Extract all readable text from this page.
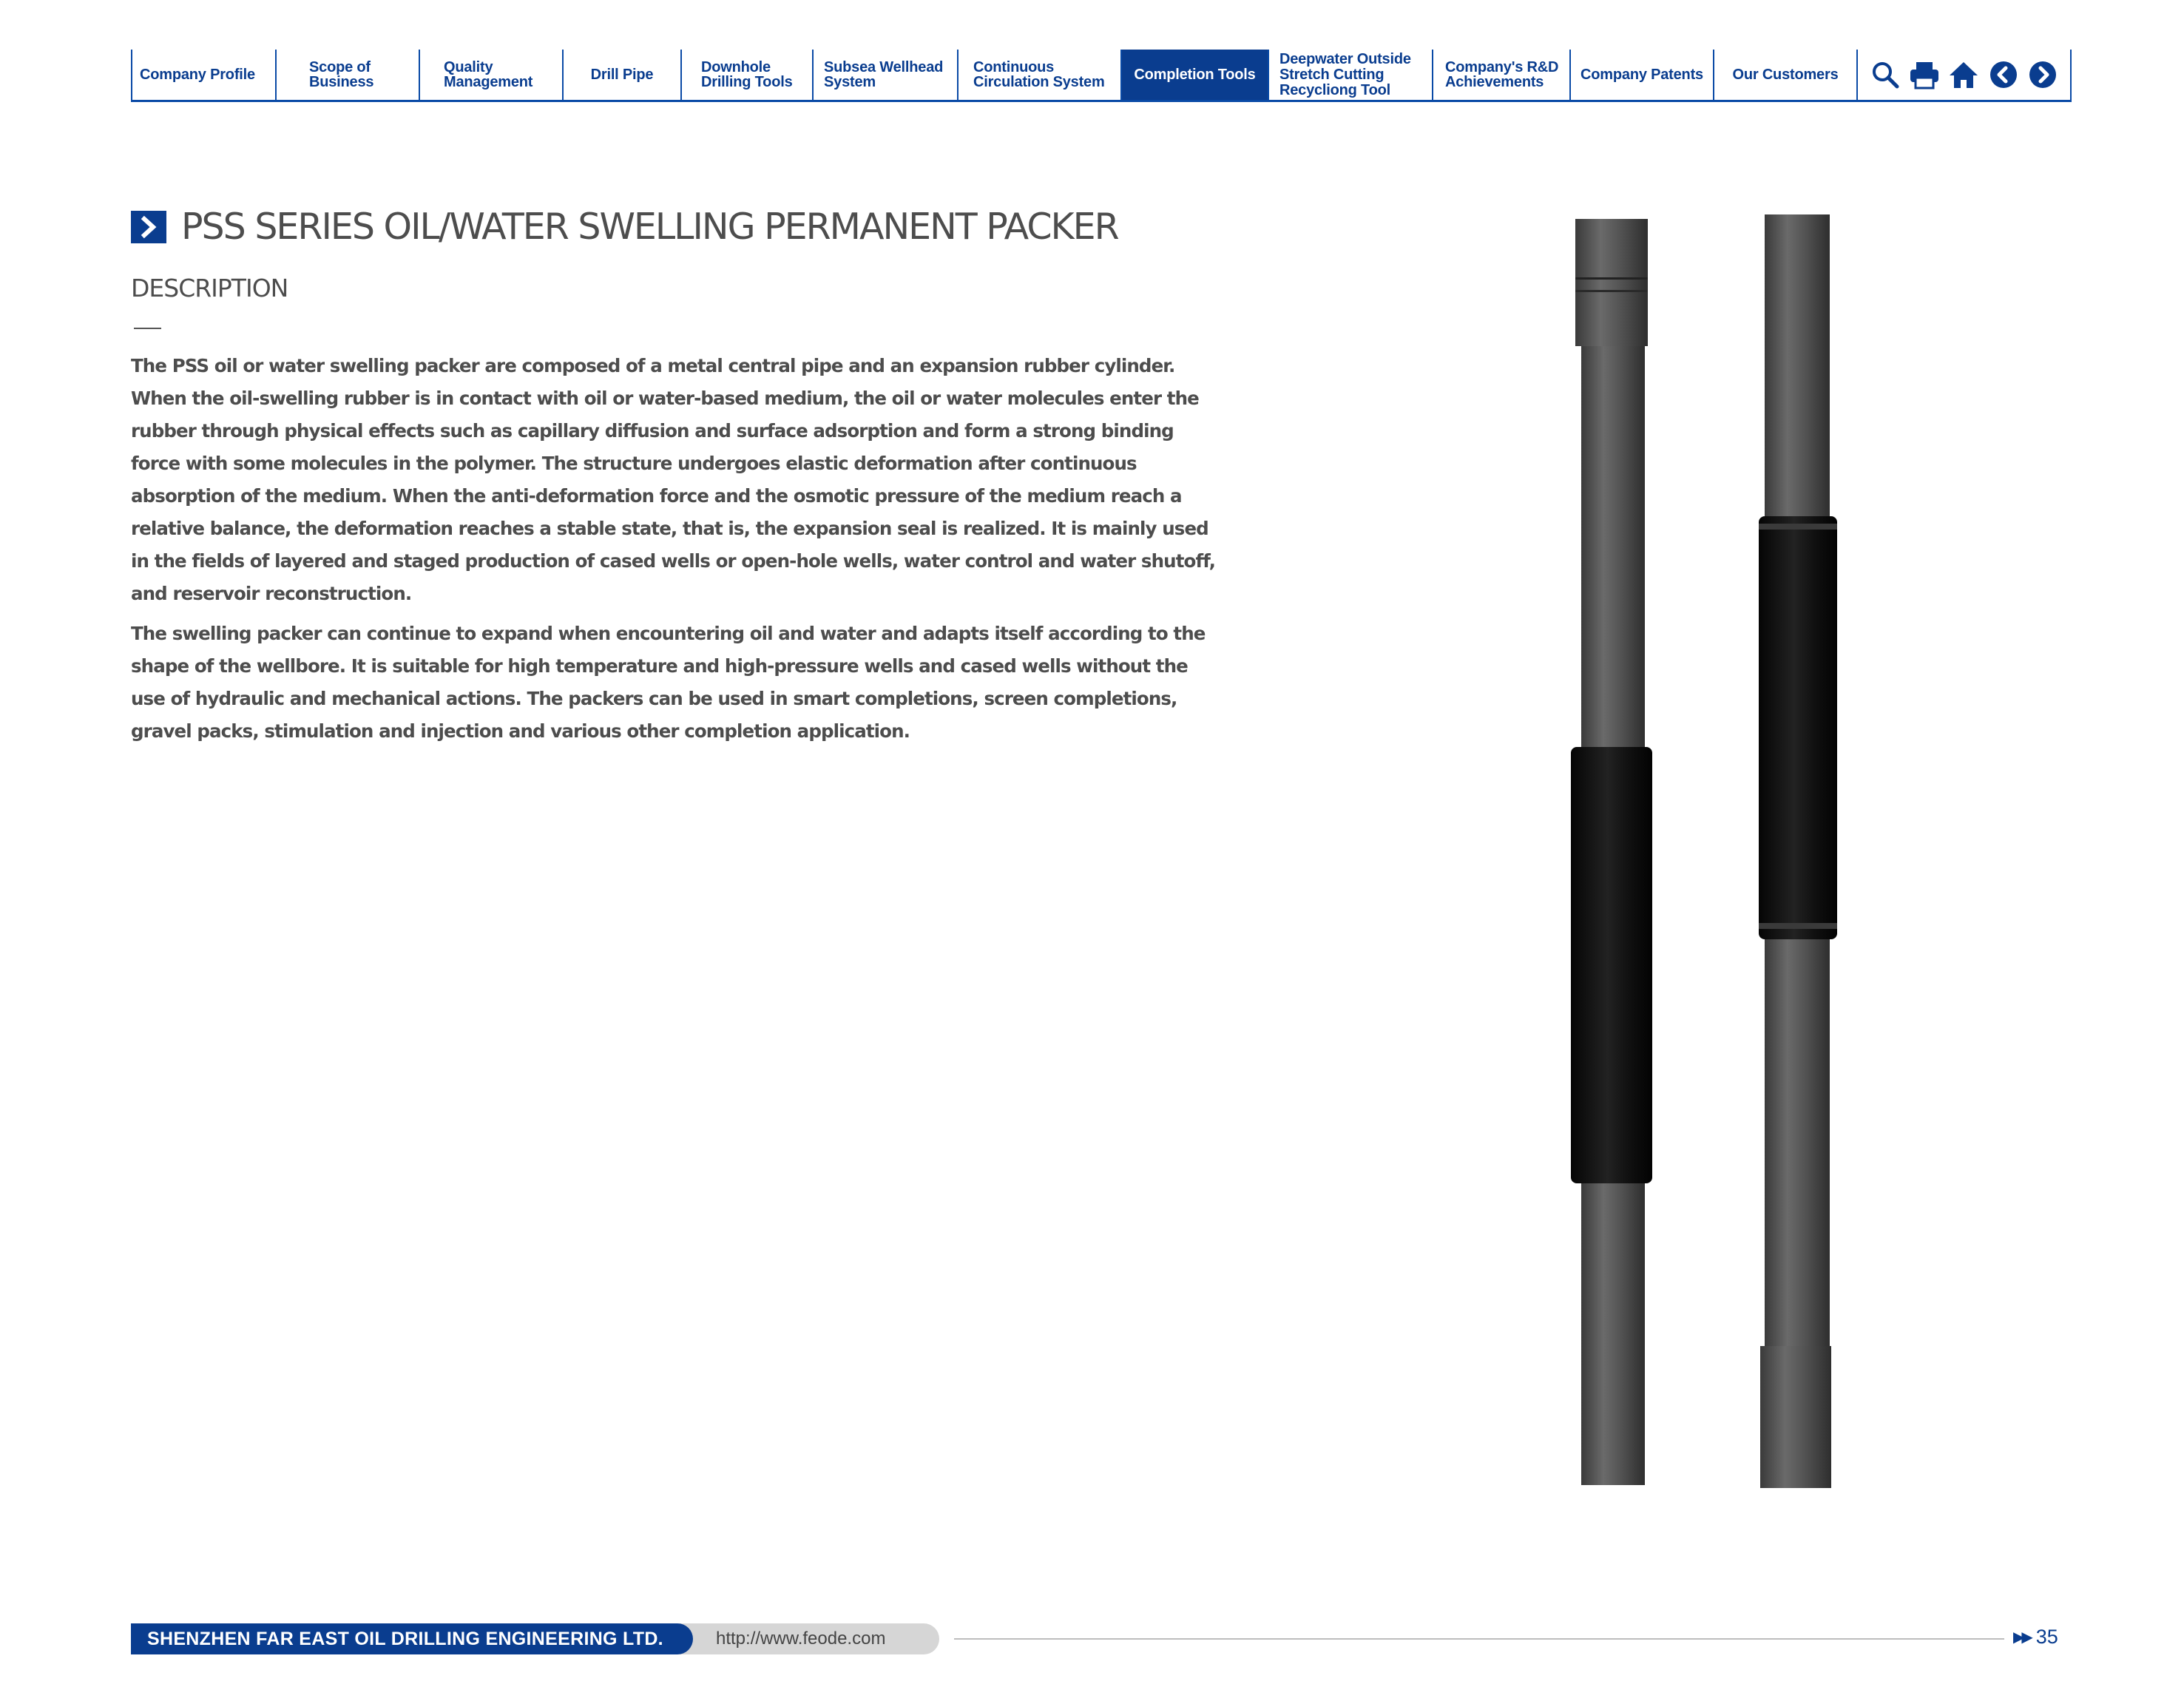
Company Profile	Scope of
Business
Quality
Management	Drill Pipe	Downhole
Drilling Tools
Subsea Wellhead
System
Continuous
Circulation System Completion Tools
Deepwater Outside
Stretch Cutting
Recycliong Tool
Company's R&D
Achievements	Company Patents Our Customers
PSS SERIES OIL/WATER SWELLING PERMANENT PACKER
DESCRIPTION

The PSS oil or water swelling packer are composed of a metal central pipe and an expansion rubber cylinder. When the oil-swelling rubber is in contact with oil or water-based medium, the oil or water molecules enter the rubber through physical effects such as capillary diffusion and surface adsorption and form a strong binding force with some molecules in the polymer. The structure undergoes elastic deformation after continuous absorption of the medium. When the anti-deformation force and the osmotic pressure of the medium reach a relative balance, the deformation reaches a stable state, that is, the expansion seal is realized. It is mainly used in the fields of layered and staged production of cased wells or open-hole wells, water control and water shutoff, and reservoir reconstruction.

The swelling packer can continue to expand when encountering oil and water and adapts itself according to the shape of the wellbore. It is suitable for high temperature and high-pressure wells and cased wells without the use of hydraulic and mechanical actions. The packers can be used in smart completions, screen completions, gravel packs, stimulation and injection and various other completion application.

SHENZHEN FAR EAST OIL DRILLING ENGINEERING LTD.	http://www.feode.com	▶▶ 35
